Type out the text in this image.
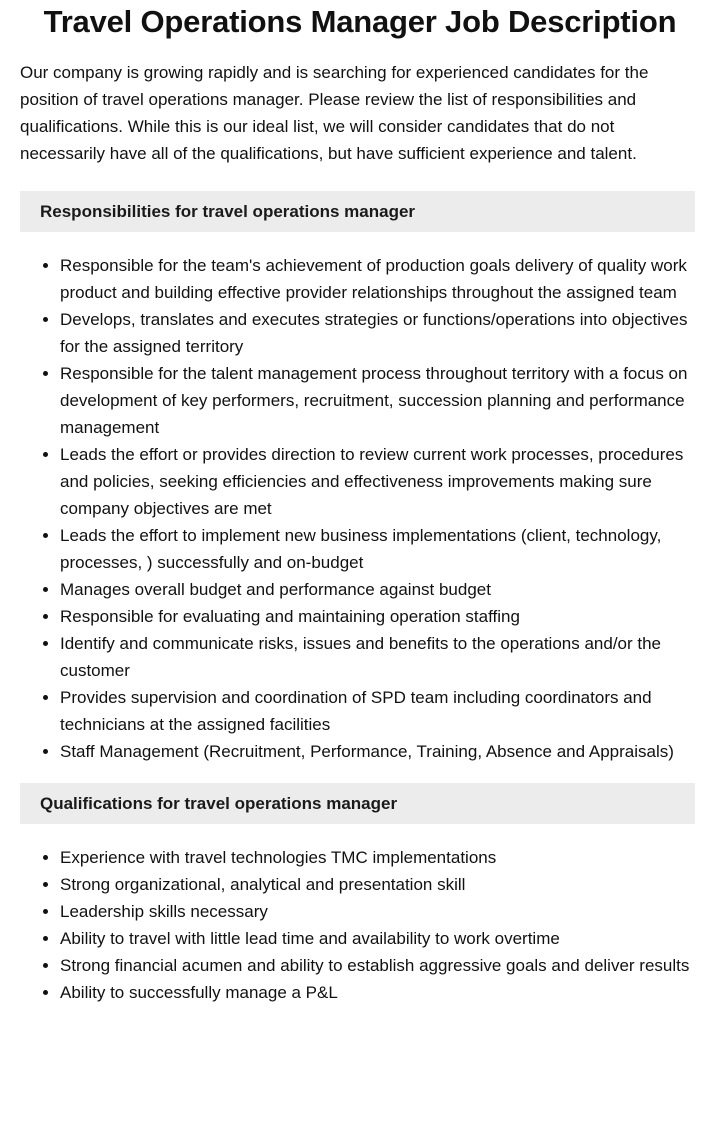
Travel Operations Manager Job Description

Our company is growing rapidly and is searching for experienced candidates for the position of travel operations manager. Please review the list of responsibilities and qualifications. While this is our ideal list, we will consider candidates that do not necessarily have all of the qualifications, but have sufficient experience and talent.

Responsibilities for travel operations manager
• Responsible for the team's achievement of production goals delivery of quality work product and building effective provider relationships throughout the assigned team
• Develops, translates and executes strategies or functions/operations into objectives for the assigned territory
• Responsible for the talent management process throughout territory with a focus on development of key performers, recruitment, succession planning and performance management
• Leads the effort or provides direction to review current work processes, procedures and policies, seeking efficiencies and effectiveness improvements making sure company objectives are met
• Leads the effort to implement new business implementations (client, technology, processes, ) successfully and on-budget
• Manages overall budget and performance against budget
• Responsible for evaluating and maintaining operation staffing
• Identify and communicate risks, issues and benefits to the operations and/or the customer
• Provides supervision and coordination of SPD team including coordinators and technicians at the assigned facilities
• Staff Management (Recruitment, Performance, Training, Absence and Appraisals)
Qualifications for travel operations manager
• Experience with travel technologies TMC implementations
• Strong organizational, analytical and presentation skill
• Leadership skills necessary
• Ability to travel with little lead time and availability to work overtime
• Strong financial acumen and ability to establish aggressive goals and deliver results
• Ability to successfully manage a P&L
